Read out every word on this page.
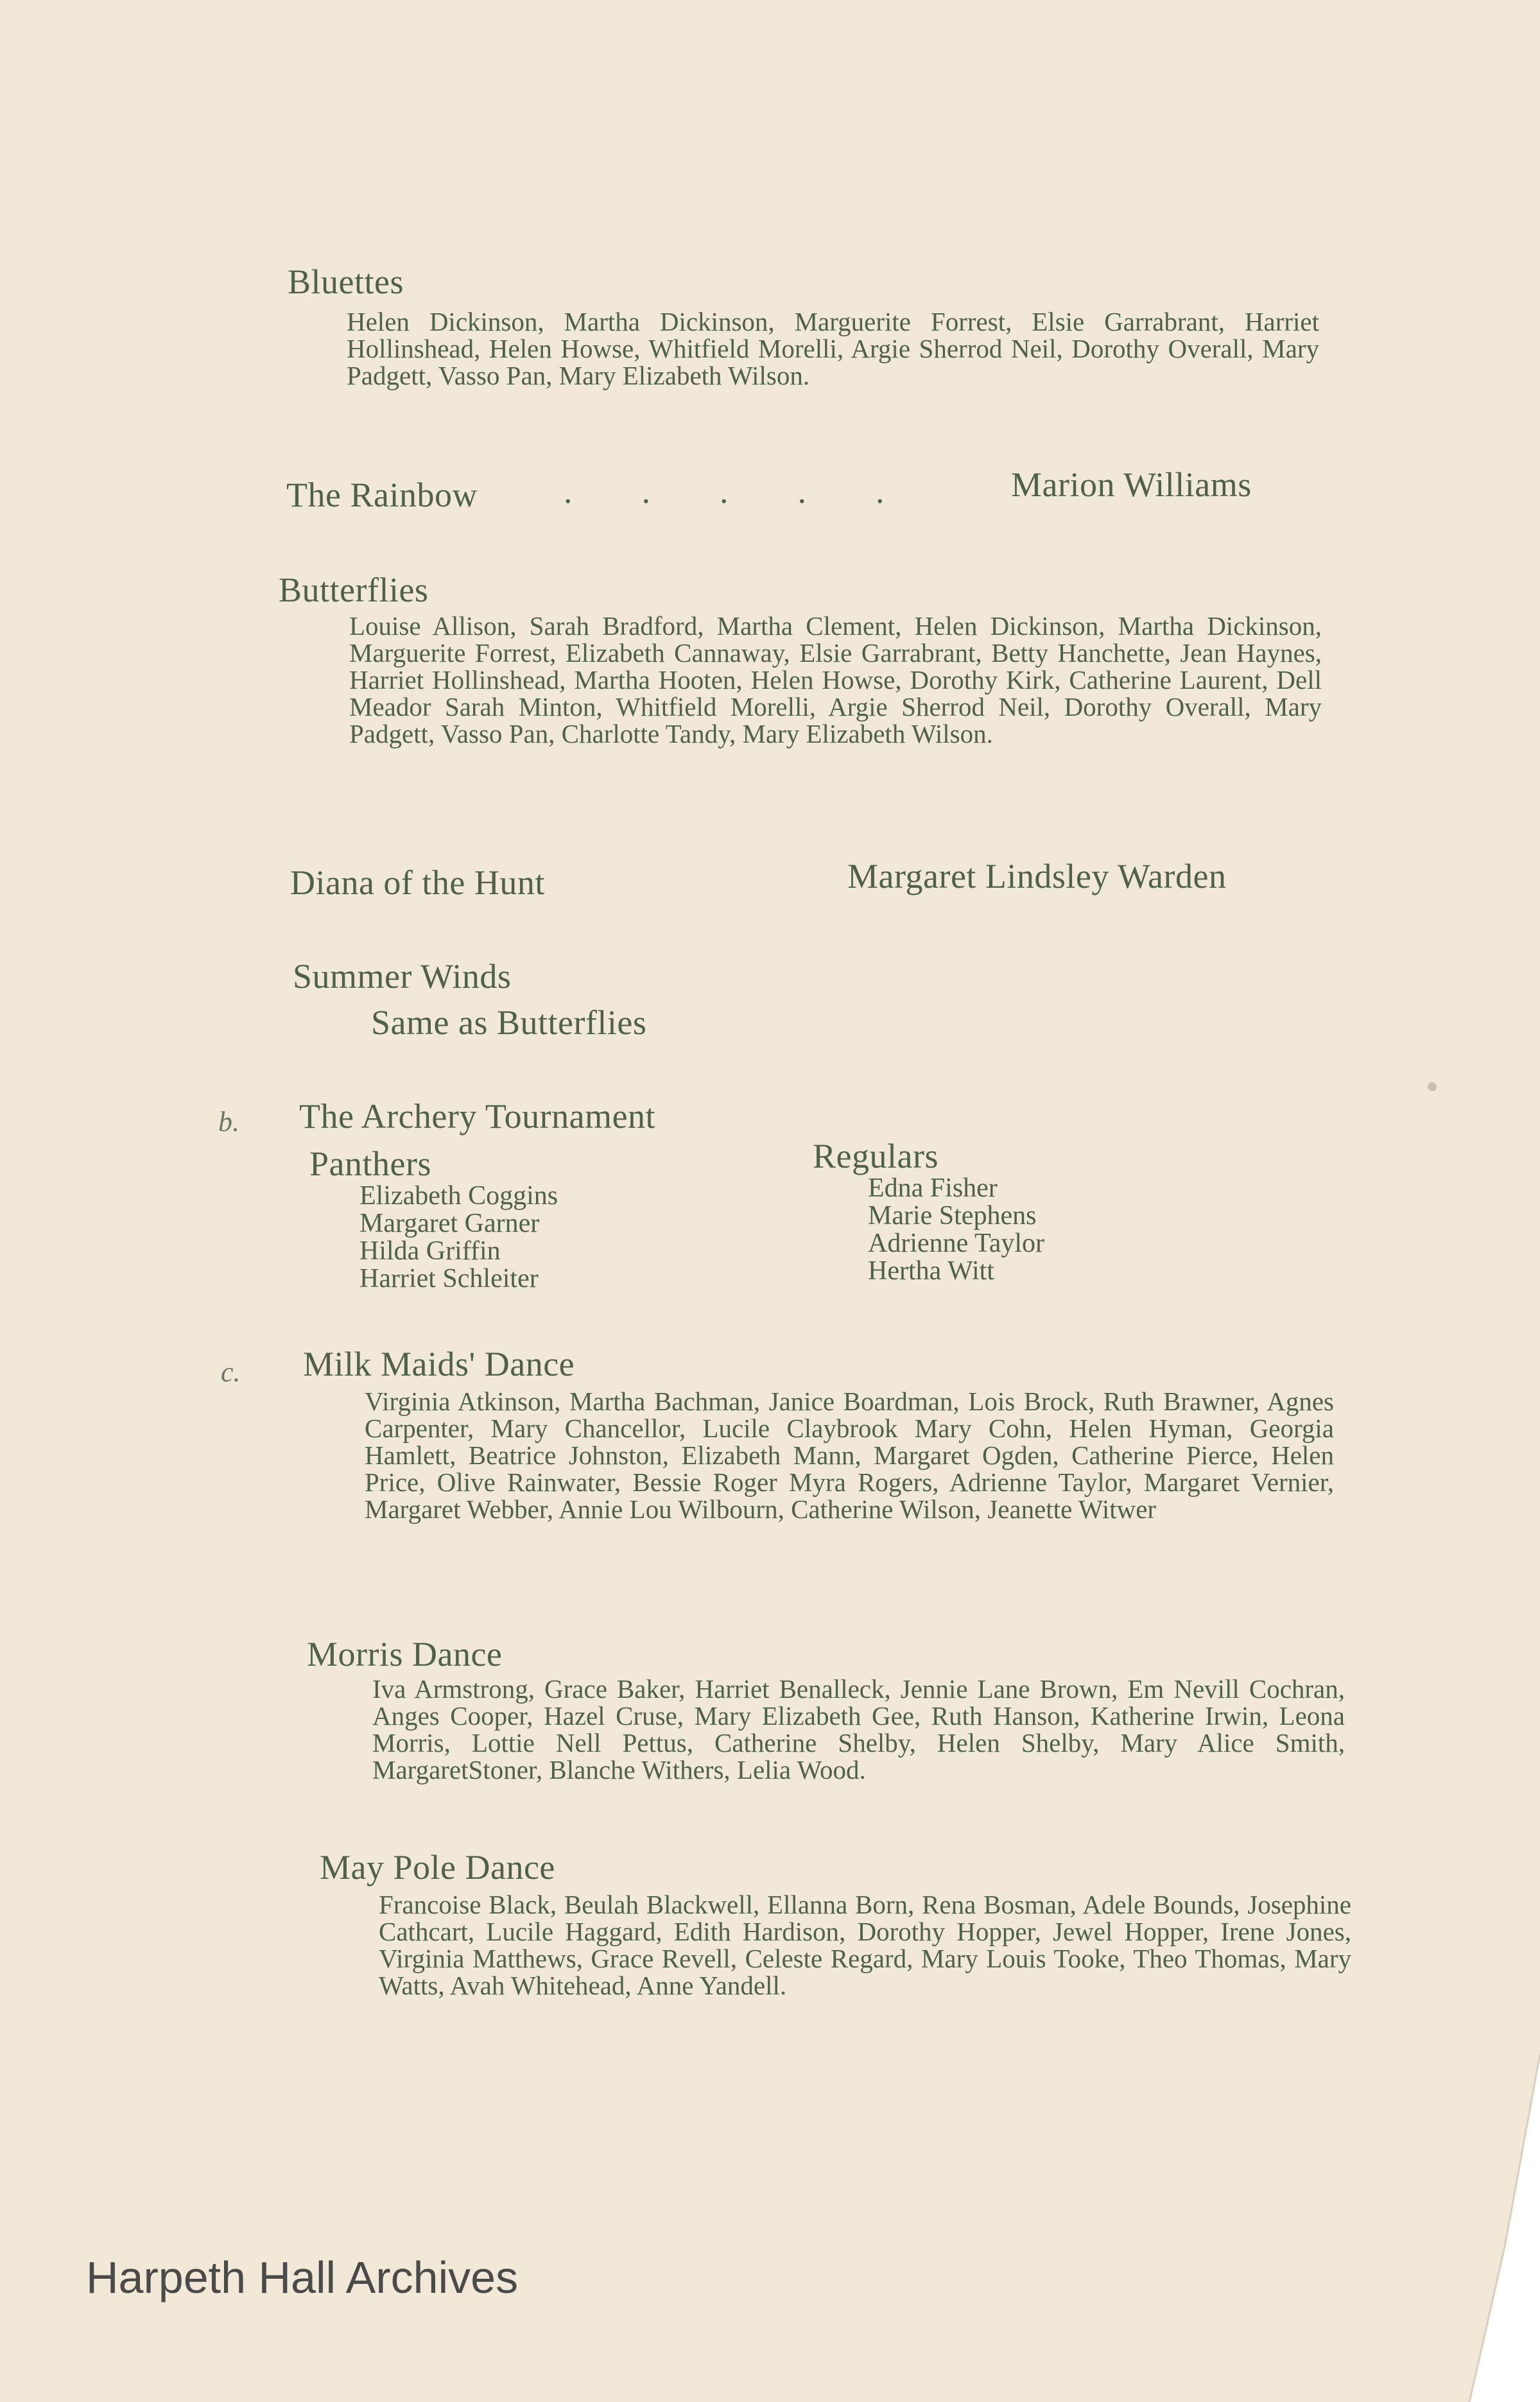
Bluettes
Helen Dickinson, Martha Dickinson, Marguerite Forrest, Elsie Garrabrant, Harriet Hollinshead, Helen Howse, Whitfield Morelli, Argie Sherrod Neil, Dorothy Overall, Mary Padgett, Vasso Pan, Mary Elizabeth Wilson.
The Rainbow ..... Marion Williams
Butterflies
Louise Allison, Sarah Bradford, Martha Clement, Helen Dickinson, Martha Dickinson, Marguerite Forrest, Elizabeth Cannaway, Elsie Garrabrant, Betty Hanchette, Jean Haynes, Harriet Hollinshead, Martha Hooten, Helen Howse, Dorothy Kirk, Catherine Laurent, Dell Meador Sarah Minton, Whitfield Morelli, Argie Sherrod Neil, Dorothy Overall, Mary Padgett, Vasso Pan, Charlotte Tandy, Mary Elizabeth Wilson.
Diana of the Hunt	Margaret Lindsley Warden
Summer Winds
Same as Butterflies
b. The Archery Tournament
Panthers
Elizabeth Coggins
Margaret Garner
Hilda Griffin
Harriet Schleiter
Regulars
Edna Fisher
Marie Stephens
Adrienne Taylor
Hertha Witt
c. Milk Maids' Dance
Virginia Atkinson, Martha Bachman, Janice Boardman, Lois Brock, Ruth Brawner, Agnes Carpenter, Mary Chancellor, Lucile Claybrook Mary Cohn, Helen Hyman, Georgia Hamlett, Beatrice Johnston, Elizabeth Mann, Margaret Ogden, Catherine Pierce, Helen Price, Olive Rainwater, Bessie Roger Myra Rogers, Adrienne Taylor, Margaret Vernier, Margaret Webber, Annie Lou Wilbourn, Catherine Wilson, Jeanette Witwer
Morris Dance
Iva Armstrong, Grace Baker, Harriet Benalleck, Jennie Lane Brown, Em Nevill Cochran, Anges Cooper, Hazel Cruse, Mary Elizabeth Gee, Ruth Hanson, Katherine Irwin, Leona Morris, Lottie Nell Pettus, Catherine Shelby, Helen Shelby, Mary Alice Smith, MargaretStoner, Blanche Withers, Lelia Wood.
May Pole Dance
Francoise Black, Beulah Blackwell, Ellanna Born, Rena Bosman, Adele Bounds, Josephine Cathcart, Lucile Haggard, Edith Hardison, Dorothy Hopper, Jewel Hopper, Irene Jones, Virginia Matthews, Grace Revell, Celeste Regard, Mary Louis Tooke, Theo Thomas, Mary Watts, Avah Whitehead, Anne Yandell.
Harpeth Hall Archives
